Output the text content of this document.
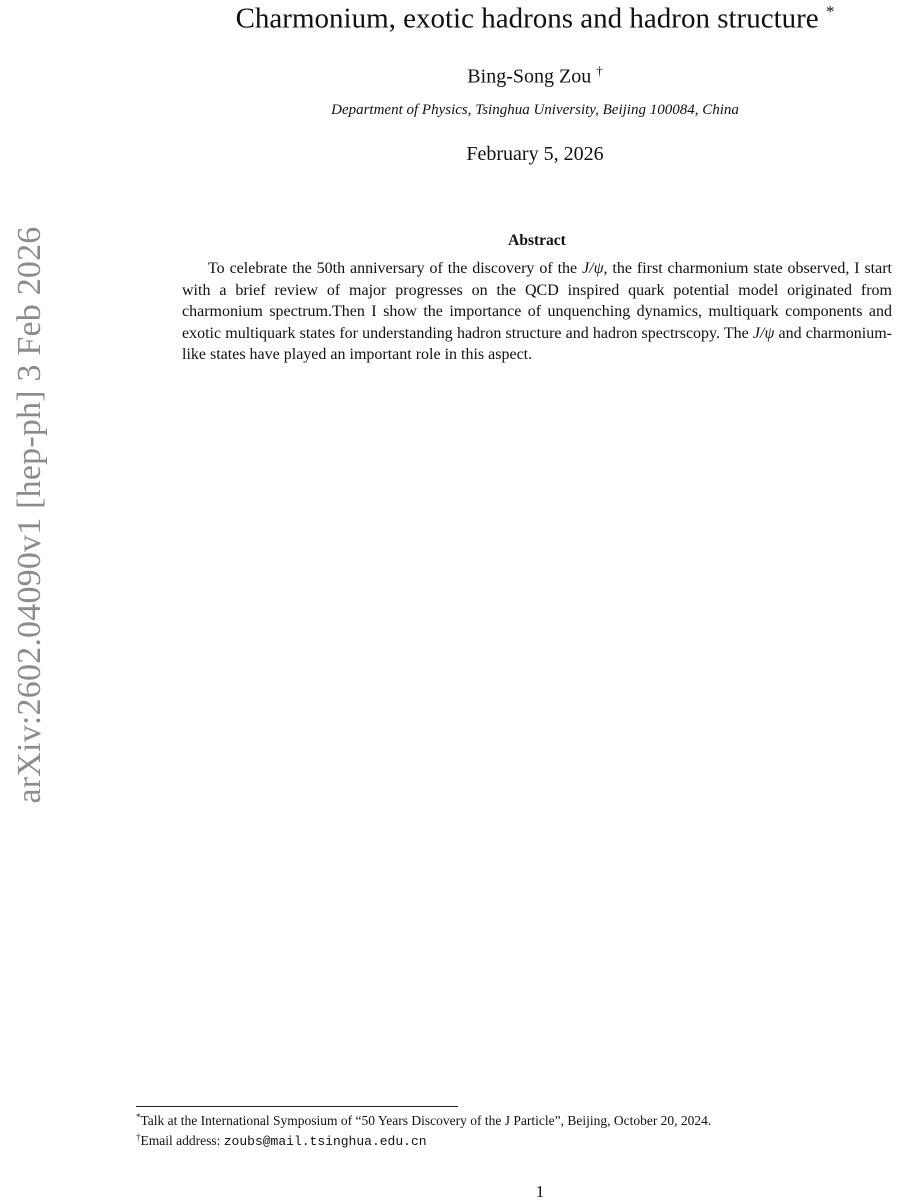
arXiv:2602.04090v1 [hep-ph] 3 Feb 2026
Charmonium, exotic hadrons and hadron structure *
Bing-Song Zou †
Department of Physics, Tsinghua University, Beijing 100084, China
February 5, 2026
Abstract
To celebrate the 50th anniversary of the discovery of the J/ψ, the first charmonium state observed, I start with a brief review of major progresses on the QCD inspired quark potential model originated from charmonium spectrum.Then I show the importance of unquenching dynamics, multiquark components and exotic multiquark states for understanding hadron structure and hadron spectrscopy. The J/ψ and charmonium-like states have played an important role in this aspect.
*Talk at the International Symposium of “50 Years Discovery of the J Particle”, Beijing, October 20, 2024.
†Email address: zoubs@mail.tsinghua.edu.cn
1
